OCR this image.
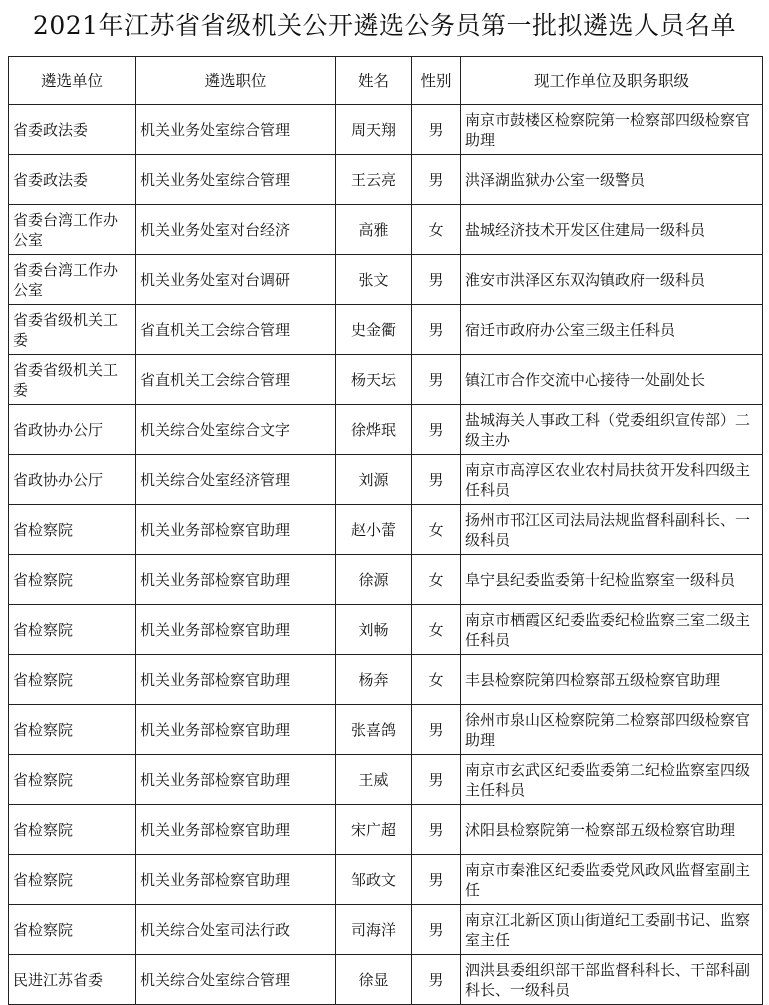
2021年江苏省省级机关公开遴选公务员第一批拟遴选人员名单
遴选单位	遴选职位	姓名	性别	现工作单位及职务职级
省委政法委	机关业务处室综合管理	周天翔	男	南京市鼓楼区检察院第一检察部四级检察官助理
省委政法委	机关业务处室综合管理	王云亮	男	洪泽湖监狱办公室一级警员
省委台湾工作办公室	机关业务处室对台经济	高雅	女	盐城经济技术开发区住建局一级科员
省委台湾工作办公室	机关业务处室对台调研	张文	男	淮安市洪泽区东双沟镇政府一级科员
省委省级机关工委	省直机关工会综合管理	史金衢	男	宿迁市政府办公室三级主任科员
省委省级机关工委	省直机关工会综合管理	杨天坛	男	镇江市合作交流中心接待一处副处长
省政协办公厅	机关综合处室综合文字	徐烨珉	男	盐城海关人事政工科（党委组织宣传部）二级主办
省政协办公厅	机关综合处室经济管理	刘源	男	南京市高淳区农业农村局扶贫开发科四级主任科员
省检察院	机关业务部检察官助理	赵小蕾	女	扬州市邗江区司法局法规监督科副科长、一级科员
省检察院	机关业务部检察官助理	徐源	女	阜宁县纪委监委第十纪检监察室一级科员
省检察院	机关业务部检察官助理	刘畅	女	南京市栖霞区纪委监委纪检监察三室二级主任科员
省检察院	机关业务部检察官助理	杨奔	女	丰县检察院第四检察部五级检察官助理
省检察院	机关业务部检察官助理	张喜鸽	男	徐州市泉山区检察院第二检察部四级检察官助理
省检察院	机关业务部检察官助理	王威	男	南京市玄武区纪委监委第二纪检监察室四级主任科员
省检察院	机关业务部检察官助理	宋广超	男	沭阳县检察院第一检察部五级检察官助理
省检察院	机关业务部检察官助理	邹政文	男	南京市秦淮区纪委监委党风政风监督室副主任
省检察院	机关综合处室司法行政	司海洋	男	南京江北新区顶山街道纪工委副书记、监察室主任
民进江苏省委	机关综合处室综合管理	徐显	男	泗洪县委组织部干部监督科科长、干部科副科长、一级科员
